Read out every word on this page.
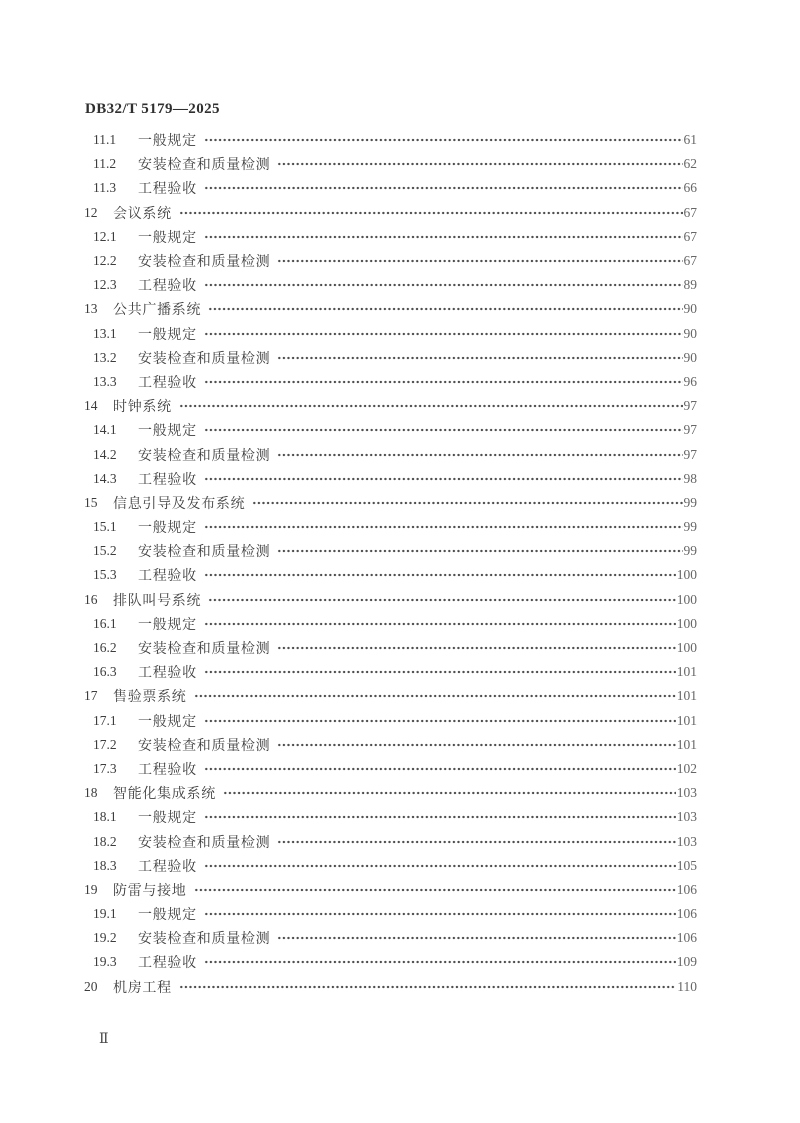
DB32/T 5179—2025
11.1	一般规定	61
11.2	安装检查和质量检测	62
11.3	工程验收	66
12	会议系统	67
12.1	一般规定	67
12.2	安装检查和质量检测	67
12.3	工程验收	89
13	公共广播系统	90
13.1	一般规定	90
13.2	安装检查和质量检测	90
13.3	工程验收	96
14	时钟系统	97
14.1	一般规定	97
14.2	安装检查和质量检测	97
14.3	工程验收	98
15	信息引导及发布系统	99
15.1	一般规定	99
15.2	安装检查和质量检测	99
15.3	工程验收	100
16	排队叫号系统	100
16.1	一般规定	100
16.2	安装检查和质量检测	100
16.3	工程验收	101
17	售验票系统	101
17.1	一般规定	101
17.2	安装检查和质量检测	101
17.3	工程验收	102
18	智能化集成系统	103
18.1	一般规定	103
18.2	安装检查和质量检测	103
18.3	工程验收	105
19	防雷与接地	106
19.1	一般规定	106
19.2	安装检查和质量检测	106
19.3	工程验收	109
20	机房工程	110
Ⅱ
